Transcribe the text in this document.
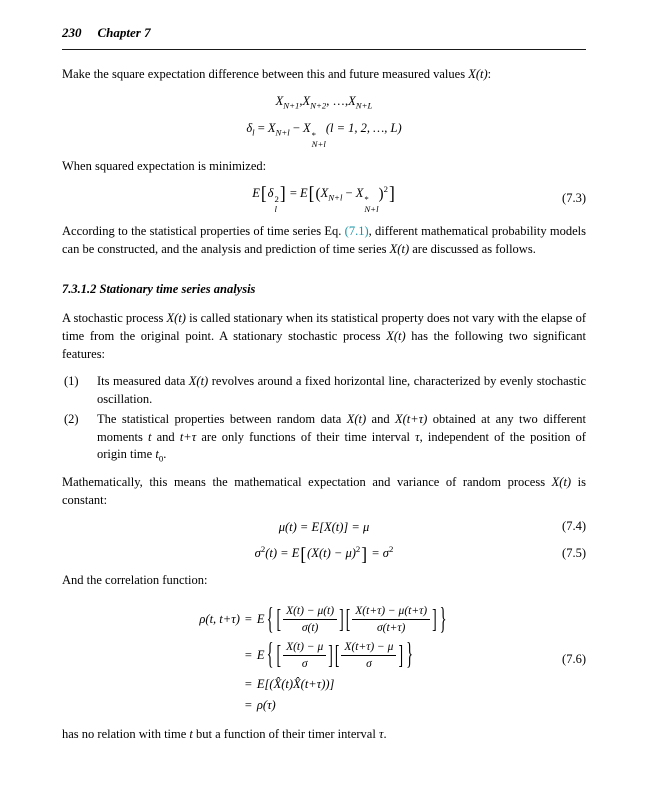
230 Chapter 7

Make the square expectation difference between this and future measured values X(t):

$X_{N+1},X_{N+2}$, $\dots,X_{N+L}$
$\delta_l = X_{N+l} - X$ *
N+l
(l = 1, 2, …, L)

When squared expectation is minimized:

E[δ 2
l
] = $E[(X_{N+l} - X$ *
N+l
)$^2$]	(7.3)

According to the statistical properties of time series Eq. (7.1), different mathematical probability models can be constructed, and the analysis and prediction of time series X(t) are discussed as follows.

7.3.1.2 Stationary time series analysis

A stochastic process X(t) is called stationary when its statistical property does not vary with the elapse of time from the original point. A stationary stochastic process X(t) has the following two significant features:

(1)	Its measured data X(t) revolves around a fixed horizontal line, characterized by evenly stochastic oscillation.
(2)	The statistical properties between random data X(t) and X(t+τ) obtained at any two different moments t and t+τ are only functions of their time interval τ, independent of the position of origin time $t_0$.

Mathematically, this means the mathematical expectation and variance of random process X(t) is constant:

μ(t) = E[X(t)] = μ	(7.4)
$\sigma^2(t) = E[(X(t) - \mu)^2] = \sigma^2$	(7.5)

And the correlation function:

ρ(t, t+τ)	=	E { [ $\frac{X(t) - \mu(t)}{\sigma(t)}$ ] [ $\frac{X(t+\tau) - \mu(t+\tau)}{\sigma(t+\tau)}$ ] }
	=	E { [ $\frac{X(t) - \mu}{\sigma}$ ] [ $\frac{X(t+\tau) - \mu}{\sigma}$ ] }
	=	E[(X̂(t)X̂(t+τ))]
	=	ρ(τ)
(7.6)

has no relation with time t but a function of their timer interval τ.
